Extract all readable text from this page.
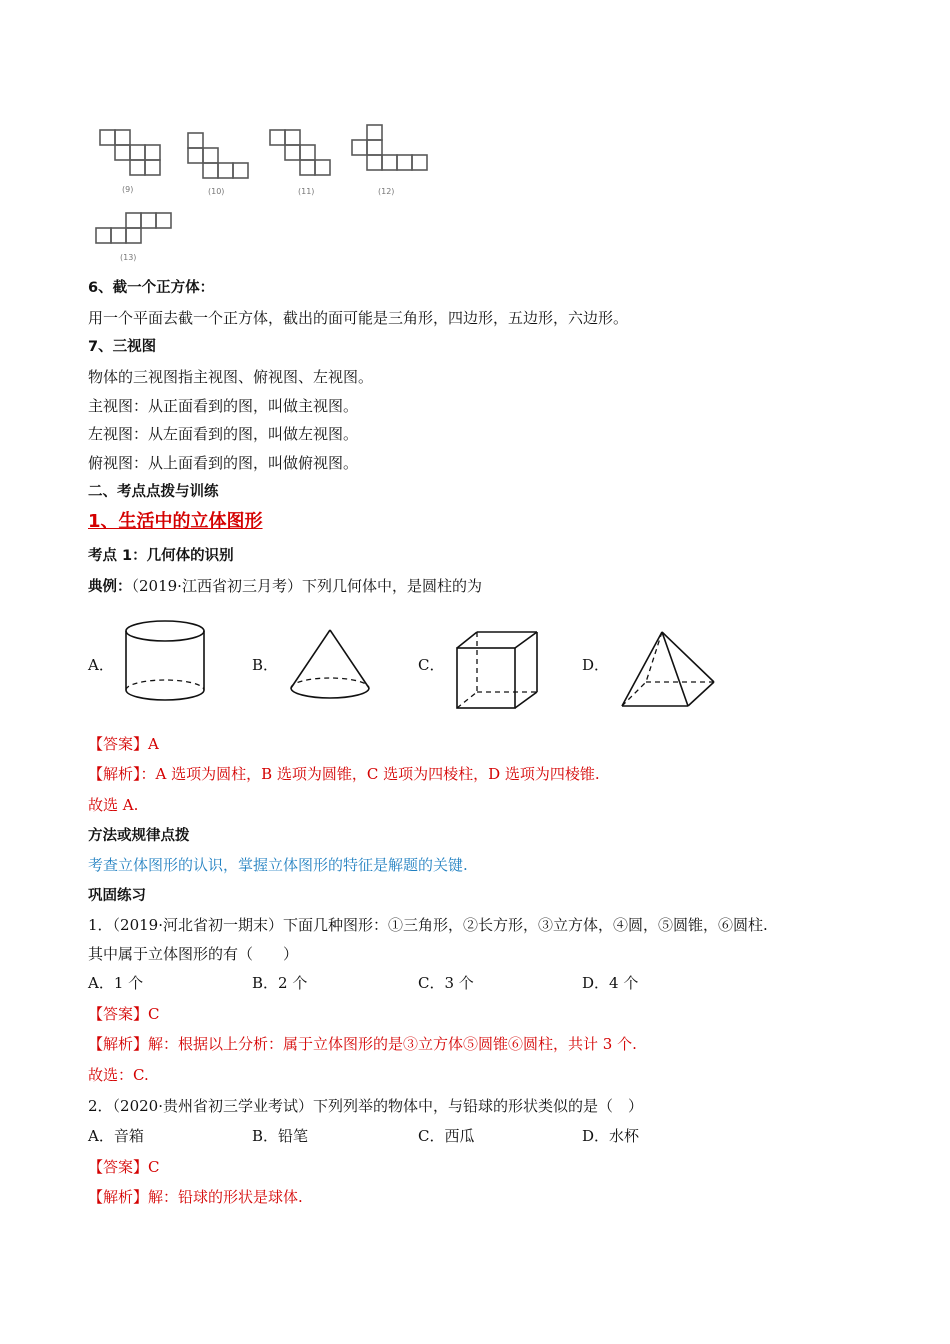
(9)	(10)	(11)	(12)
(13)
6、截一个正方体：
用一个平面去截一个正方体，截出的面可能是三角形，四边形，五边形，六边形。
7、三视图
物体的三视图指主视图、俯视图、左视图。
主视图：从正面看到的图，叫做主视图。
左视图：从左面看到的图，叫做左视图。
俯视图：从上面看到的图，叫做俯视图。
二、考点点拨与训练
1、生活中的立体图形
考点 1：几何体的识别
典例：（2019·江西省初三月考）下列几何体中，是圆柱的为
A．	B．	C．	D．
【答案】A
【解析】：A 选项为圆柱，B 选项为圆锥，C 选项为四棱柱，D 选项为四棱锥.
故选 A.
方法或规律点拨
考查立体图形的认识，掌握立体图形的特征是解题的关键.
巩固练习
1．（2019·河北省初一期末）下面几种图形：①三角形，②长方形，③立方体，④圆，⑤圆锥，⑥圆柱.
其中属于立体图形的有（　　）
A．1 个	B．2 个	C．3 个	D．4 个
【答案】C
【解析】解：根据以上分析：属于立体图形的是③立方体⑤圆锥⑥圆柱，共计 3 个.
故选：C.
2．（2020·贵州省初三学业考试）下列列举的物体中，与铅球的形状类似的是（　）
A．音箱	B．铅笔	C．西瓜	D．水杯
【答案】C
【解析】解：铅球的形状是球体.
